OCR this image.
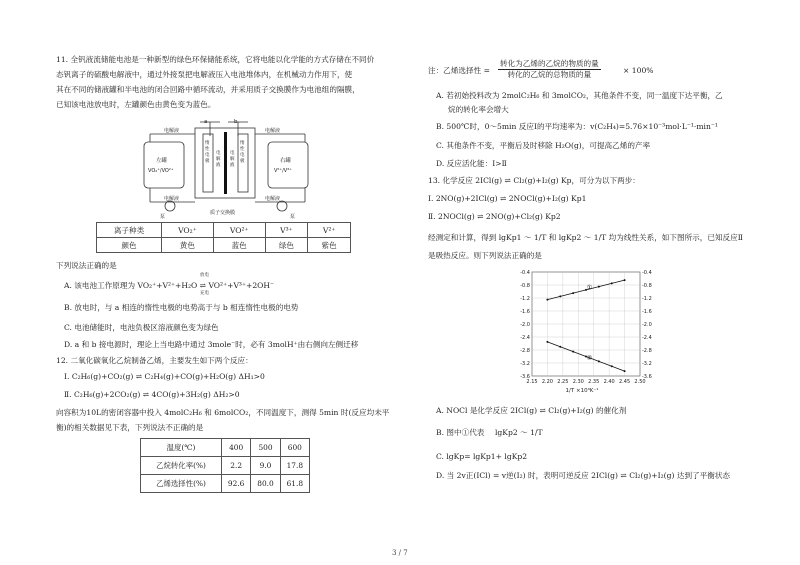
11. 全钒液流储能电池是一种新型的绿色环保储能系统，它将电能以化学能的方式存储在不同价
态钒离子的硫酸电解液中，通过外接泵把电解液压入电池堆体内，在机械动力作用下，使
其在不同的储液罐和半电池的闭合回路中循环流动，并采用质子交换膜作为电池组的隔膜，
已知该电池放电时，左罐颜色由黄色变为蓝色。
a	b
电解液	电解液
电解液	电解液
左罐
VO₂⁺/VO²⁺
右罐
V²⁺/V³⁺
惰性电极
惰性电极
电解液
电解液
泵	泵
质子交换膜
离子种类	VO₂⁺	VO²⁺	V³⁺	V²⁺
颜色	黄色	蓝色	绿色	紫色
下列说法正确的是
A. 该电池工作原理为 VO₂⁺+V²⁺+H₂O ⇌ VO²⁺+V³⁺+2OH⁻
放电
充电
B. 放电时，与 a 相连的惰性电极的电势高于与 b 相连惰性电极的电势
C. 电池储能时，电池负极区溶液颜色变为绿色
D. a 和 b 接电源时，理论上当电路中通过 3mole⁻时，必有 3molH⁺由右侧向左侧迁移
12. 二氧化碳氧化乙烷制备乙烯，主要发生如下两个反应：
Ⅰ. C₂H₆(g)+CO₂(g) ⇌ C₂H₄(g)+CO(g)+H₂O(g) ΔH₁>0
Ⅱ. C₂H₆(g)+2CO₂(g) ⇌ 4CO(g)+3H₂(g) ΔH₂>0
向容积为10L的密闭容器中投入 4molC₂H₆ 和 6molCO₂，不同温度下，测得 5min 时(反应均未平
衡)的相关数据见下表，下列说法不正确的是
温度(℃)	400	500	600
乙烷转化率(%)	2.2	9.0	17.8
乙烯选择性(%)	92.6	80.0	61.8
注：乙烯选择性 = $\frac{\text{转化为乙烯的乙烷的物质的量}}{\text{转化的乙烷的总物质的量}}$	× 100%
A. 若初始投料改为 2molC₂H₆ 和 3molCO₂，其他条件不变，同一温度下达平衡，乙
烷的转化率会增大
B. 500℃时，0～5min 反应Ⅰ的平均速率为：v(C₂H₄)=5.76×10⁻³mol·L⁻¹·min⁻¹
C. 其他条件不变，平衡后及时移除 H₂O(g)，可提高乙烯的产率
D. 反应活化能：Ⅰ>Ⅱ
13. 化学反应 2ICl(g) ⇌ Cl₂(g)+I₂(g) Kp，可分为以下两步：
Ⅰ. 2NO(g)+2ICl(g) ⇌ 2NOCl(g)+I₂(g) Kp1
Ⅱ. 2NOCl(g) ⇌ 2NO(g)+Cl₂(g) Kp2
经测定和计算，得到 lgKp1 ～ 1/T 和 lgKp2 ～ 1/T 均为线性关系，如下图所示，已知反应Ⅱ
是吸热反应。则下列说法正确的是
-0.4	-0.4
-0.8	-0.8
-1.2	-1.2
-1.6	-1.6
-2.0	-2.0
-2.4	-2.4
-2.8	-2.8
-3.2	-3.2
-3.6	-3.6
2.15 2.20 2.25 2.30 2.35 2.40 2.45 2.50
①
②
1/T ×10³K⁻¹
A. NOCl 是化学反应 2ICl(g) ⇌ Cl₂(g)+I₂(g) 的催化剂
B. 图中①代表 lgKp2 ～ 1/T
C. lgKp= lgKp1+ lgKp2
D. 当 2v正(ICl) = v逆(I₂) 时，表明可逆反应 2ICl(g) ⇌ Cl₂(g)+I₂(g) 达到了平衡状态
3 / 7
